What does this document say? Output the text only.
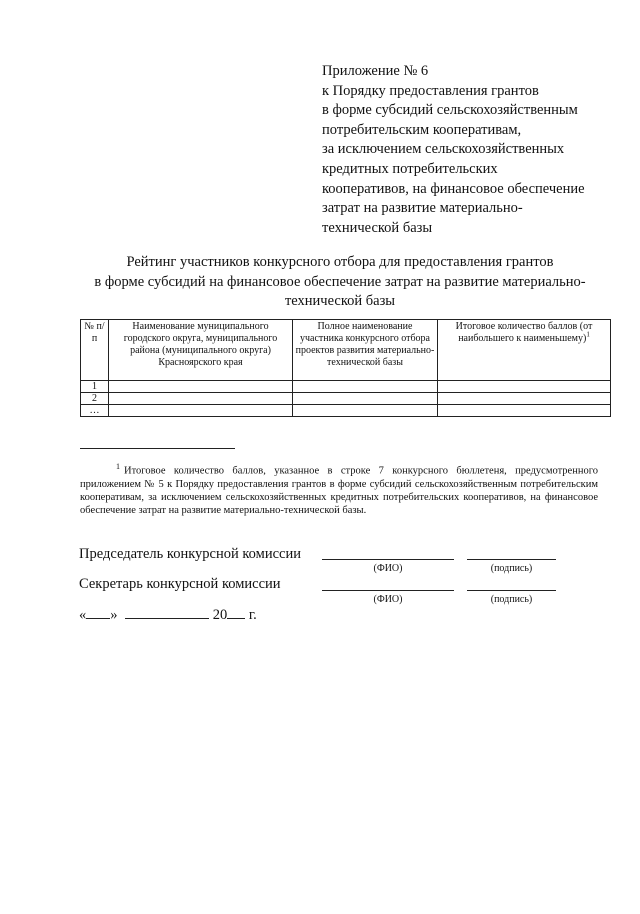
Приложение № 6
к Порядку предоставления грантов
в форме субсидий сельскохозяйственным
потребительским кооперативам,
за исключением сельскохозяйственных
кредитных потребительских
кооперативов, на финансовое обеспечение
затрат на развитие материально-
технической базы
Рейтинг участников конкурсного отбора для предоставления грантов
в форме субсидий на финансовое обеспечение затрат на развитие материально-
технической базы
№ п/п	Наименование муниципального городского округа, муниципального района (муниципального округа) Красноярского края	Полное наименование участника конкурсного отбора проектов развития материально-технической базы	Итоговое количество баллов (от наибольшего к наименьшему)$^1$
1			
2			
…			
$^1$ Итоговое количество баллов, указанное в строке 7 конкурсного бюллетеня, предусмотренного приложением № 5 к Порядку предоставления грантов в форме субсидий сельскохозяйственным потребительским кооперативам, за исключением сельскохозяйственных кредитных потребительских кооперативов, на финансовое обеспечение затрат на развитие материально-технической базы.
Председатель конкурсной комиссии
(ФИО)	(подпись)
Секретарь конкурсной комиссии
(ФИО)	(подпись)
« »	20 г.
